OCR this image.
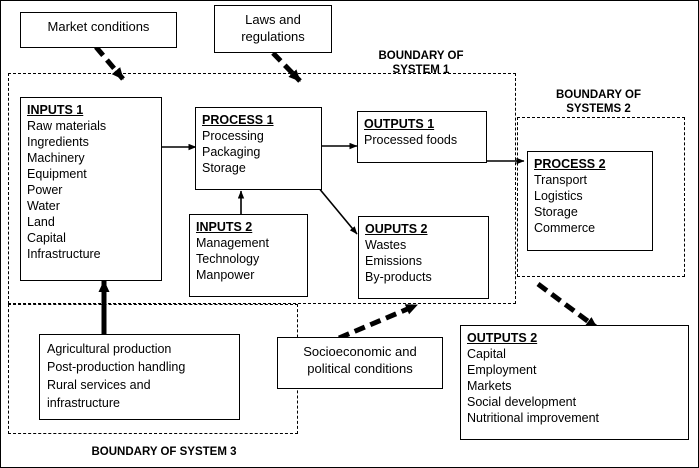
BOUNDARY OF
SYSTEM 1
BOUNDARY OF
SYSTEMS 2
BOUNDARY OF SYSTEM 3
Market conditions	Laws and
regulations
Socioeconomic and
political conditions
Agricultural production
Post-production handling
Rural services and
infrastructure
INPUTS 1
Raw materials
Ingredients
Machinery
Equipment
Power
Water
Land
Capital
Infrastructure
PROCESS 1
Processing
Packaging
Storage
OUTPUTS 1
Processed foods
INPUTS 2
Management
Technology
Manpower
OUPUTS 2
Wastes
Emissions
By-products
PROCESS 2
Transport
Logistics
Storage
Commerce
OUTPUTS 2
Capital
Employment
Markets
Social development
Nutritional improvement
